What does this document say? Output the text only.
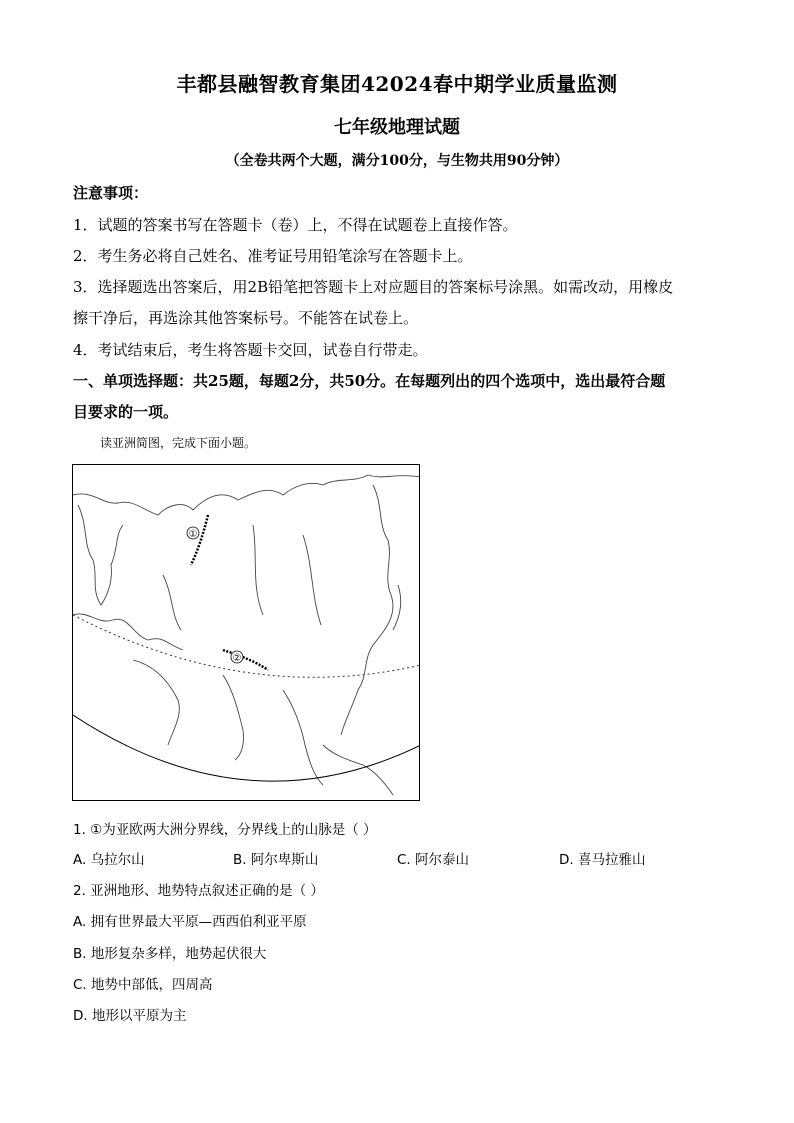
丰都县融智教育集团42024春中期学业质量监测
七年级地理试题
（全卷共两个大题，满分100分，与生物共用90分钟）
注意事项：
1．试题的答案书写在答题卡（卷）上，不得在试题卷上直接作答。
2．考生务必将自己姓名、准考证号用铅笔涂写在答题卡上。
3．选择题选出答案后，用2B铅笔把答题卡上对应题目的答案标号涂黑。如需改动，用橡皮
擦干净后，再选涂其他答案标号。不能答在试卷上。
4．考试结束后，考生将答题卡交回，试卷自行带走。
一、单项选择题：共25题，每题2分，共50分。在每题列出的四个选项中，选出最符合题
目要求的一项。
读亚洲简图，完成下面小题。
①
②
1. ①为亚欧两大洲分界线，分界线上的山脉是（ ）
A. 乌拉尔山	B. 阿尔卑斯山	C. 阿尔泰山	D. 喜马拉雅山
2. 亚洲地形、地势特点叙述正确的是（ ）
A. 拥有世界最大平原—西西伯利亚平原
B. 地形复杂多样，地势起伏很大
C. 地势中部低，四周高
D. 地形以平原为主
